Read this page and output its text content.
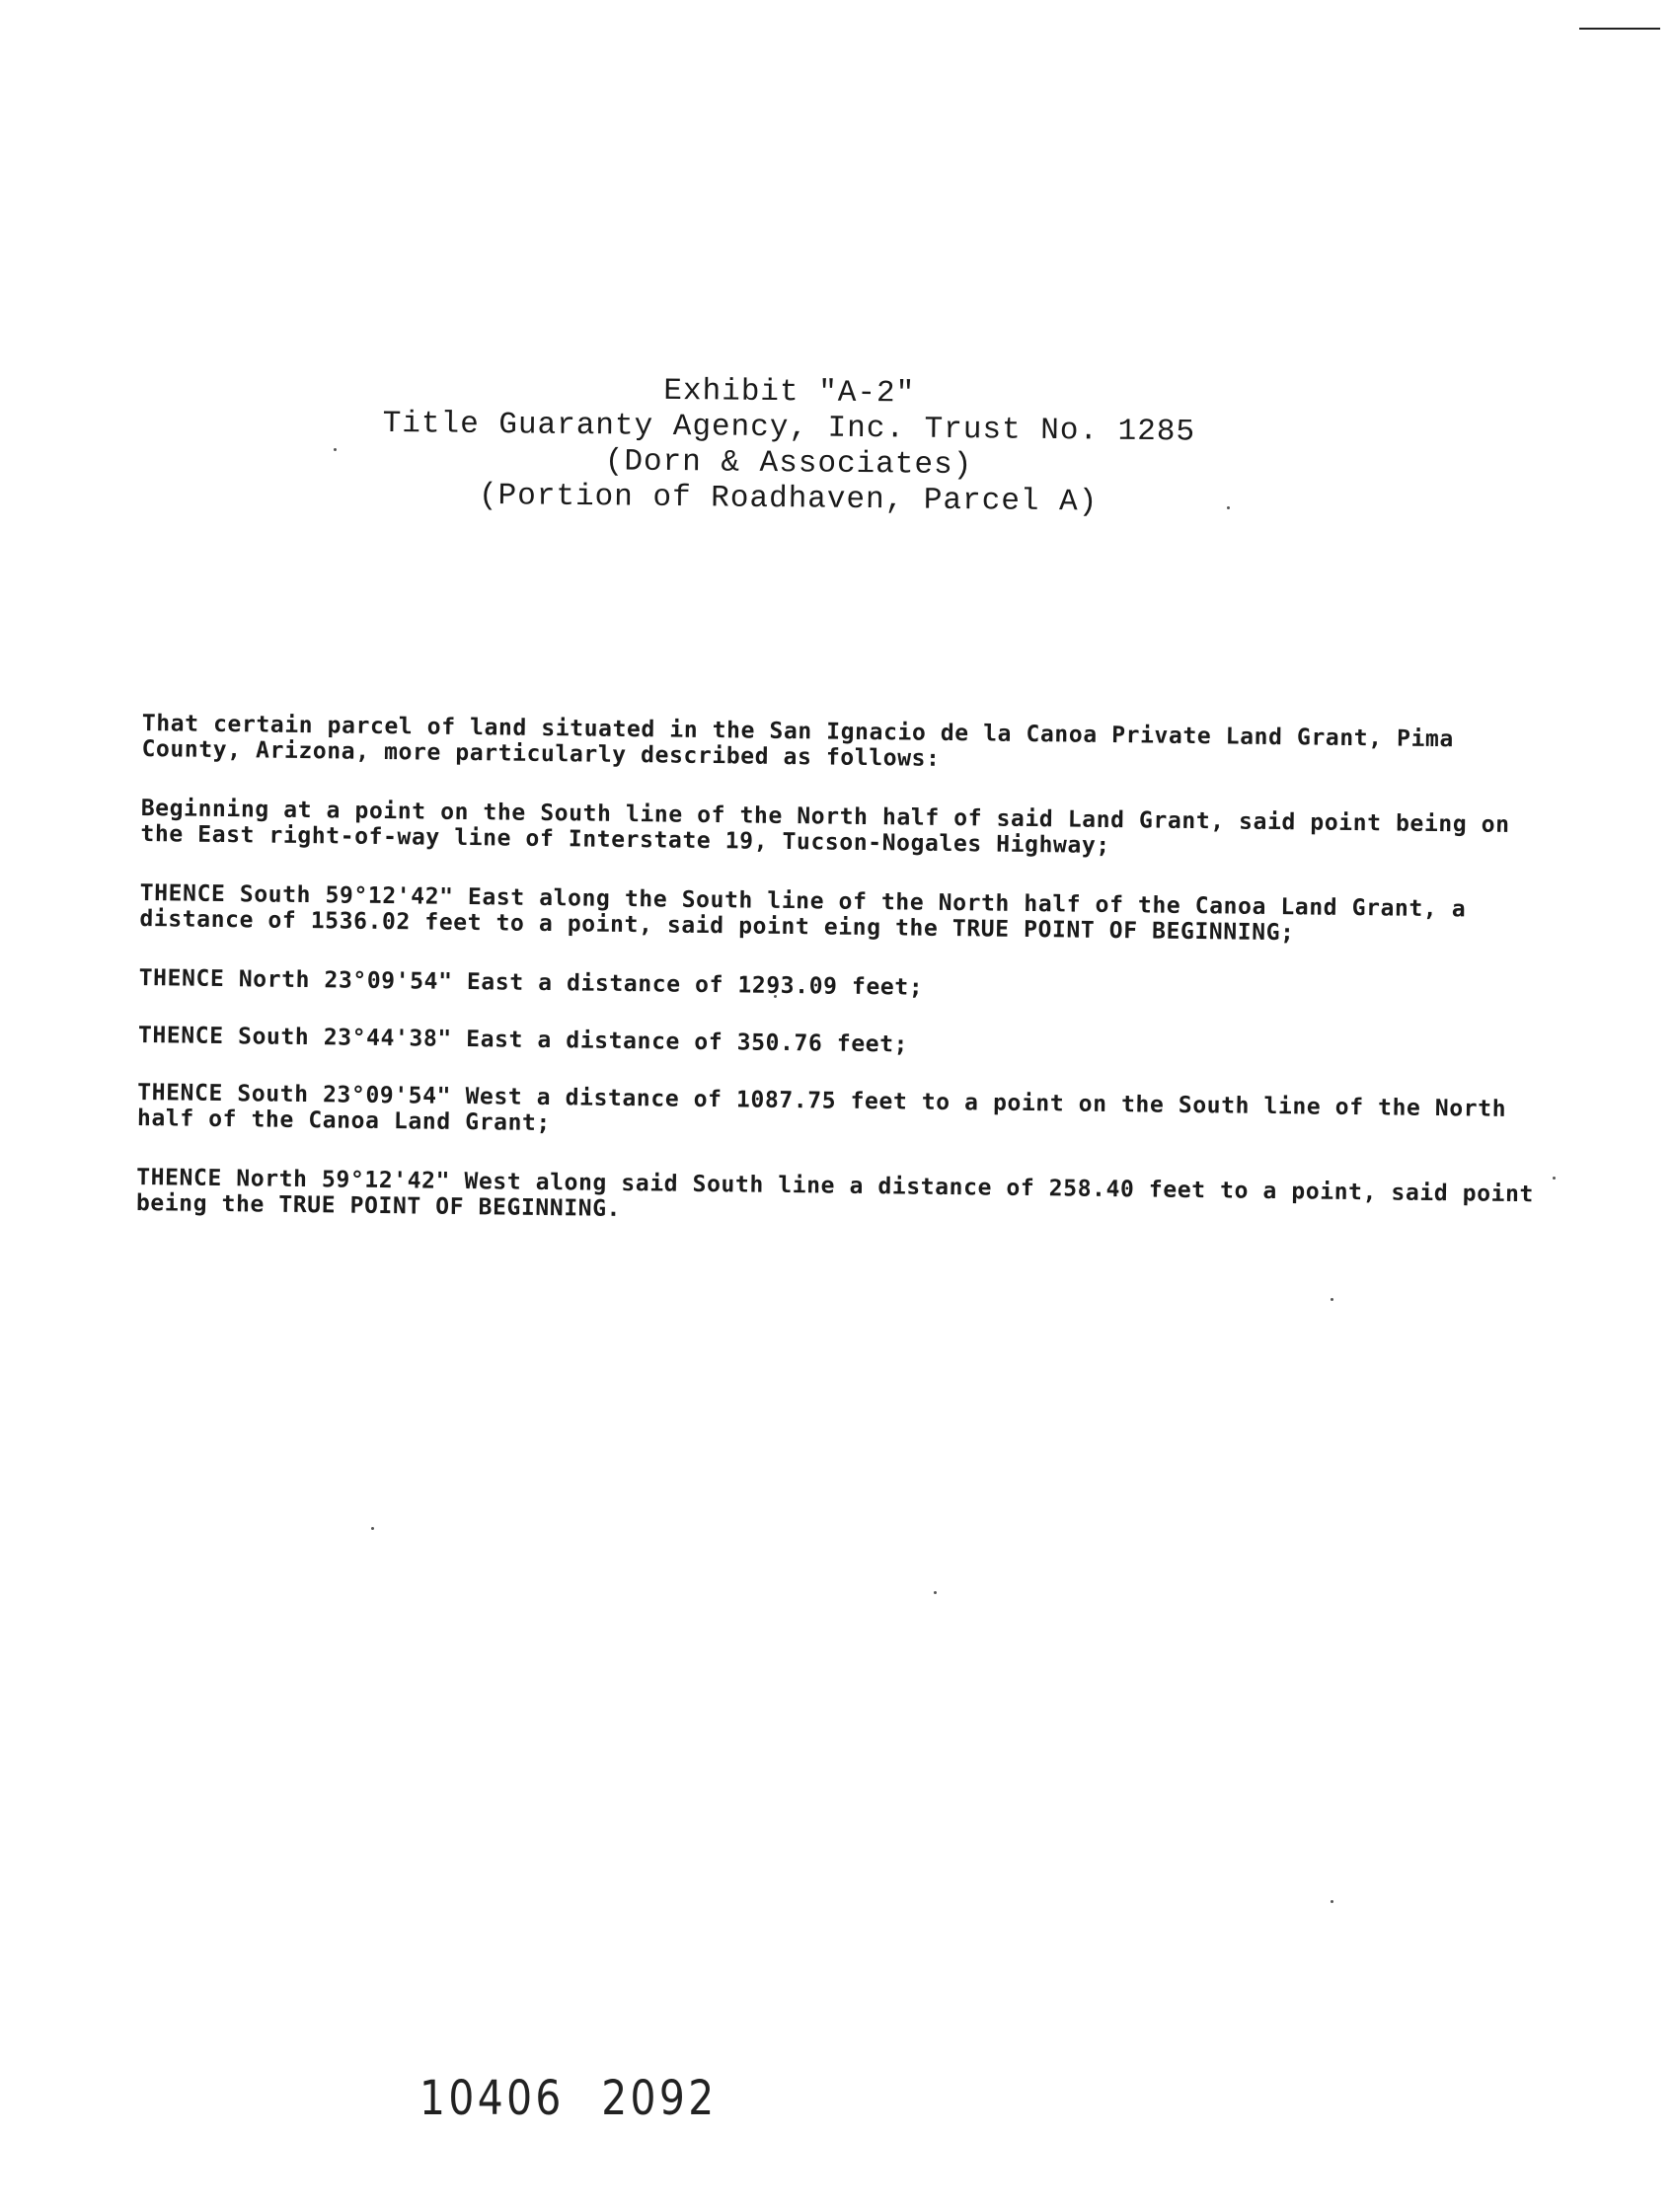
Exhibit "A-2"
Title Guaranty Agency, Inc. Trust No. 1285
(Dorn & Associates)
(Portion of Roadhaven, Parcel A)

That certain parcel of land situated in the San Ignacio de la Canoa Private Land Grant, Pima County, Arizona, more particularly described as follows:

Beginning at a point on the South line of the North half of said Land Grant, said point being on the East right-of-way line of Interstate 19, Tucson-Nogales Highway;

THENCE South 59°12'42" East along the South line of the North half of the Canoa Land Grant, a distance of 1536.02 feet to a point, said point eing the TRUE POINT OF BEGINNING;

THENCE North 23°09'54" East a distance of 1293.09 feet;

THENCE South 23°44'38" East a distance of 350.76 feet;

THENCE South 23°09'54" West a distance of 1087.75 feet to a point on the South line of the North half of the Canoa Land Grant;

THENCE North 59°12'42" West along said South line a distance of 258.40 feet to a point, said point being the TRUE POINT OF BEGINNING.

10406 2092
